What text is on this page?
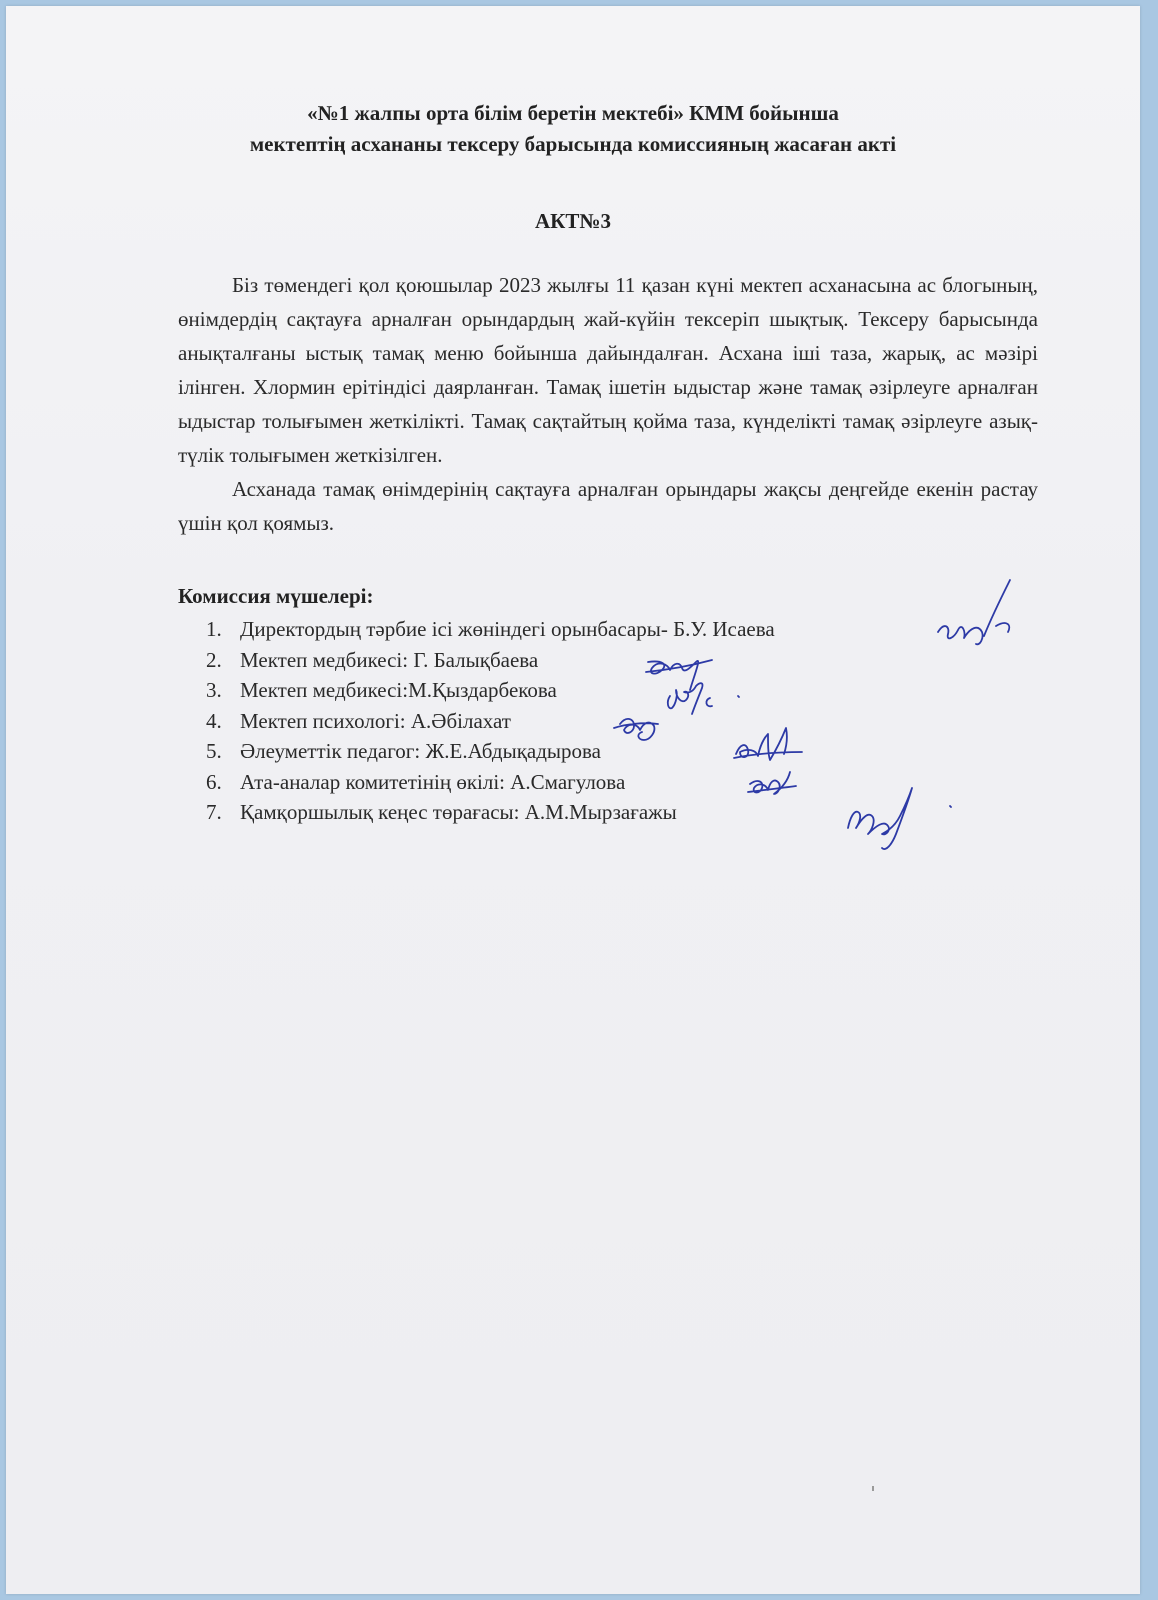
«№1 жалпы орта білім беретін мектебі» КММ бойынша
мектептің асхананы тексеру барысында комиссияның жасаған акті
АКТ№3

Біз төмендегі қол қоюшылар 2023 жылғы 11 қазан күні мектеп асханасына ас блогының, өнімдердің сақтауға арналған орындардың жай-күйін тексеріп шықтық. Тексеру барысында анықталғаны ыстық тамақ меню бойынша дайындалған. Асхана іші таза, жарық, ас мәзірі ілінген. Хлормин ерітіндісі даярланған. Тамақ ішетін ыдыстар және тамақ әзірлеуге арналған ыдыстар толығымен жеткілікті. Тамақ сақтайтың қойма таза, күнделікті тамақ әзірлеуге азық-түлік толығымен жеткізілген.

Асханада тамақ өнімдерінің сақтауға арналған орындары жақсы деңгейде екенін растау үшін қол қоямыз.

Комиссия мүшелері:
1. Директордың тәрбие ісі жөніндегі орынбасары- Б.У. Исаева
2. Мектеп медбикесі: Г. Балықбаева
3. Мектеп медбикесі:М.Қыздарбекова
4. Мектеп психологі: А.Әбілахат
5. Әлеуметтік педагог: Ж.Е.Абдықадырова
6. Ата-аналар комитетінің өкілі: А.Смагулова
7. Қамқоршылық кеңес төрағасы: А.М.Мырзағажы
